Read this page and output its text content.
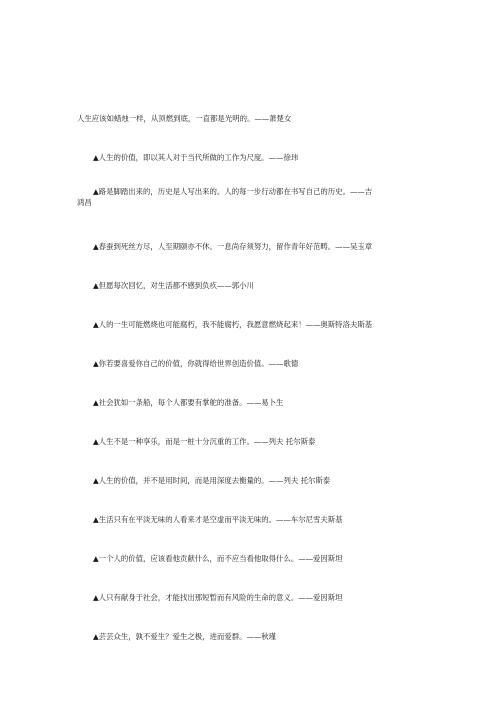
人生应该如蜡烛一样，从顶燃到底，一直都是光明的。——萧楚女
▲人生的价值，即以其人对于当代所做的工作为尺度。——徐玮
▲路是脚踏出来的，历史是人写出来的。人的每一步行动都在书写自己的历史。——吉
鸿昌
▲春蚕到死丝方尽，人至期颐亦不休。一息尚存须努力，留作青年好范畴。——吴玉章
▲但愿每次回忆，对生活都不感到负疚——郭小川
▲人的一生可能燃烧也可能腐朽，我不能腐朽，我愿意燃烧起来！——奥斯特洛夫斯基
▲你若要喜爱你自己的价值，你就得给世界创造价值。——歌德
▲社会犹如一条船，每个人都要有掌舵的准备。——易卜生
▲人生不是一种享乐，而是一桩十分沉重的工作。——列夫 托尔斯泰
▲人生的价值，并不是用时间，而是用深度去衡量的。——列夫 托尔斯泰
▲生活只有在平淡无味的人看来才是空虚而平淡无味的。——车尔尼雪夫斯基
▲一个人的价值，应该看他贡献什么，而不应当看他取得什么。——爱因斯坦
▲人只有献身于社会，才能找出那短暂而有风险的生命的意义。——爱因斯坦
▲芸芸众生，孰不爱生？爱生之极，进而爱群。——秋瑾
